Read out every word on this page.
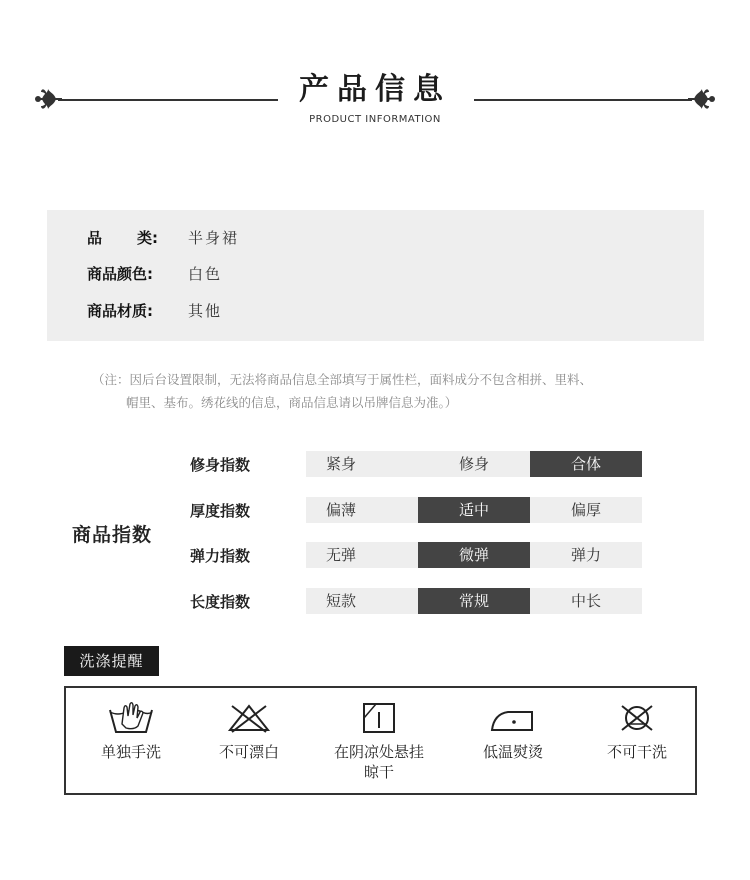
产品信息
PRODUCT INFORMATION
品 类: 半身裙
商品颜色: 白色
商品材质: 其他
（注：因后台设置限制，无法将商品信息全部填写于属性栏，面料成分不包含相拼、里料、
帽里、基布。绣花线的信息，商品信息请以吊牌信息为准。）
商品指数
修身指数	紧身	修身	合体
厚度指数	偏薄	适中	偏厚
弹力指数	无弹	微弹	弹力
长度指数	短款	常规	中长
洗涤提醒
单独手洗	不可漂白	在阴凉处悬挂
晾干
低温熨烫	不可干洗
